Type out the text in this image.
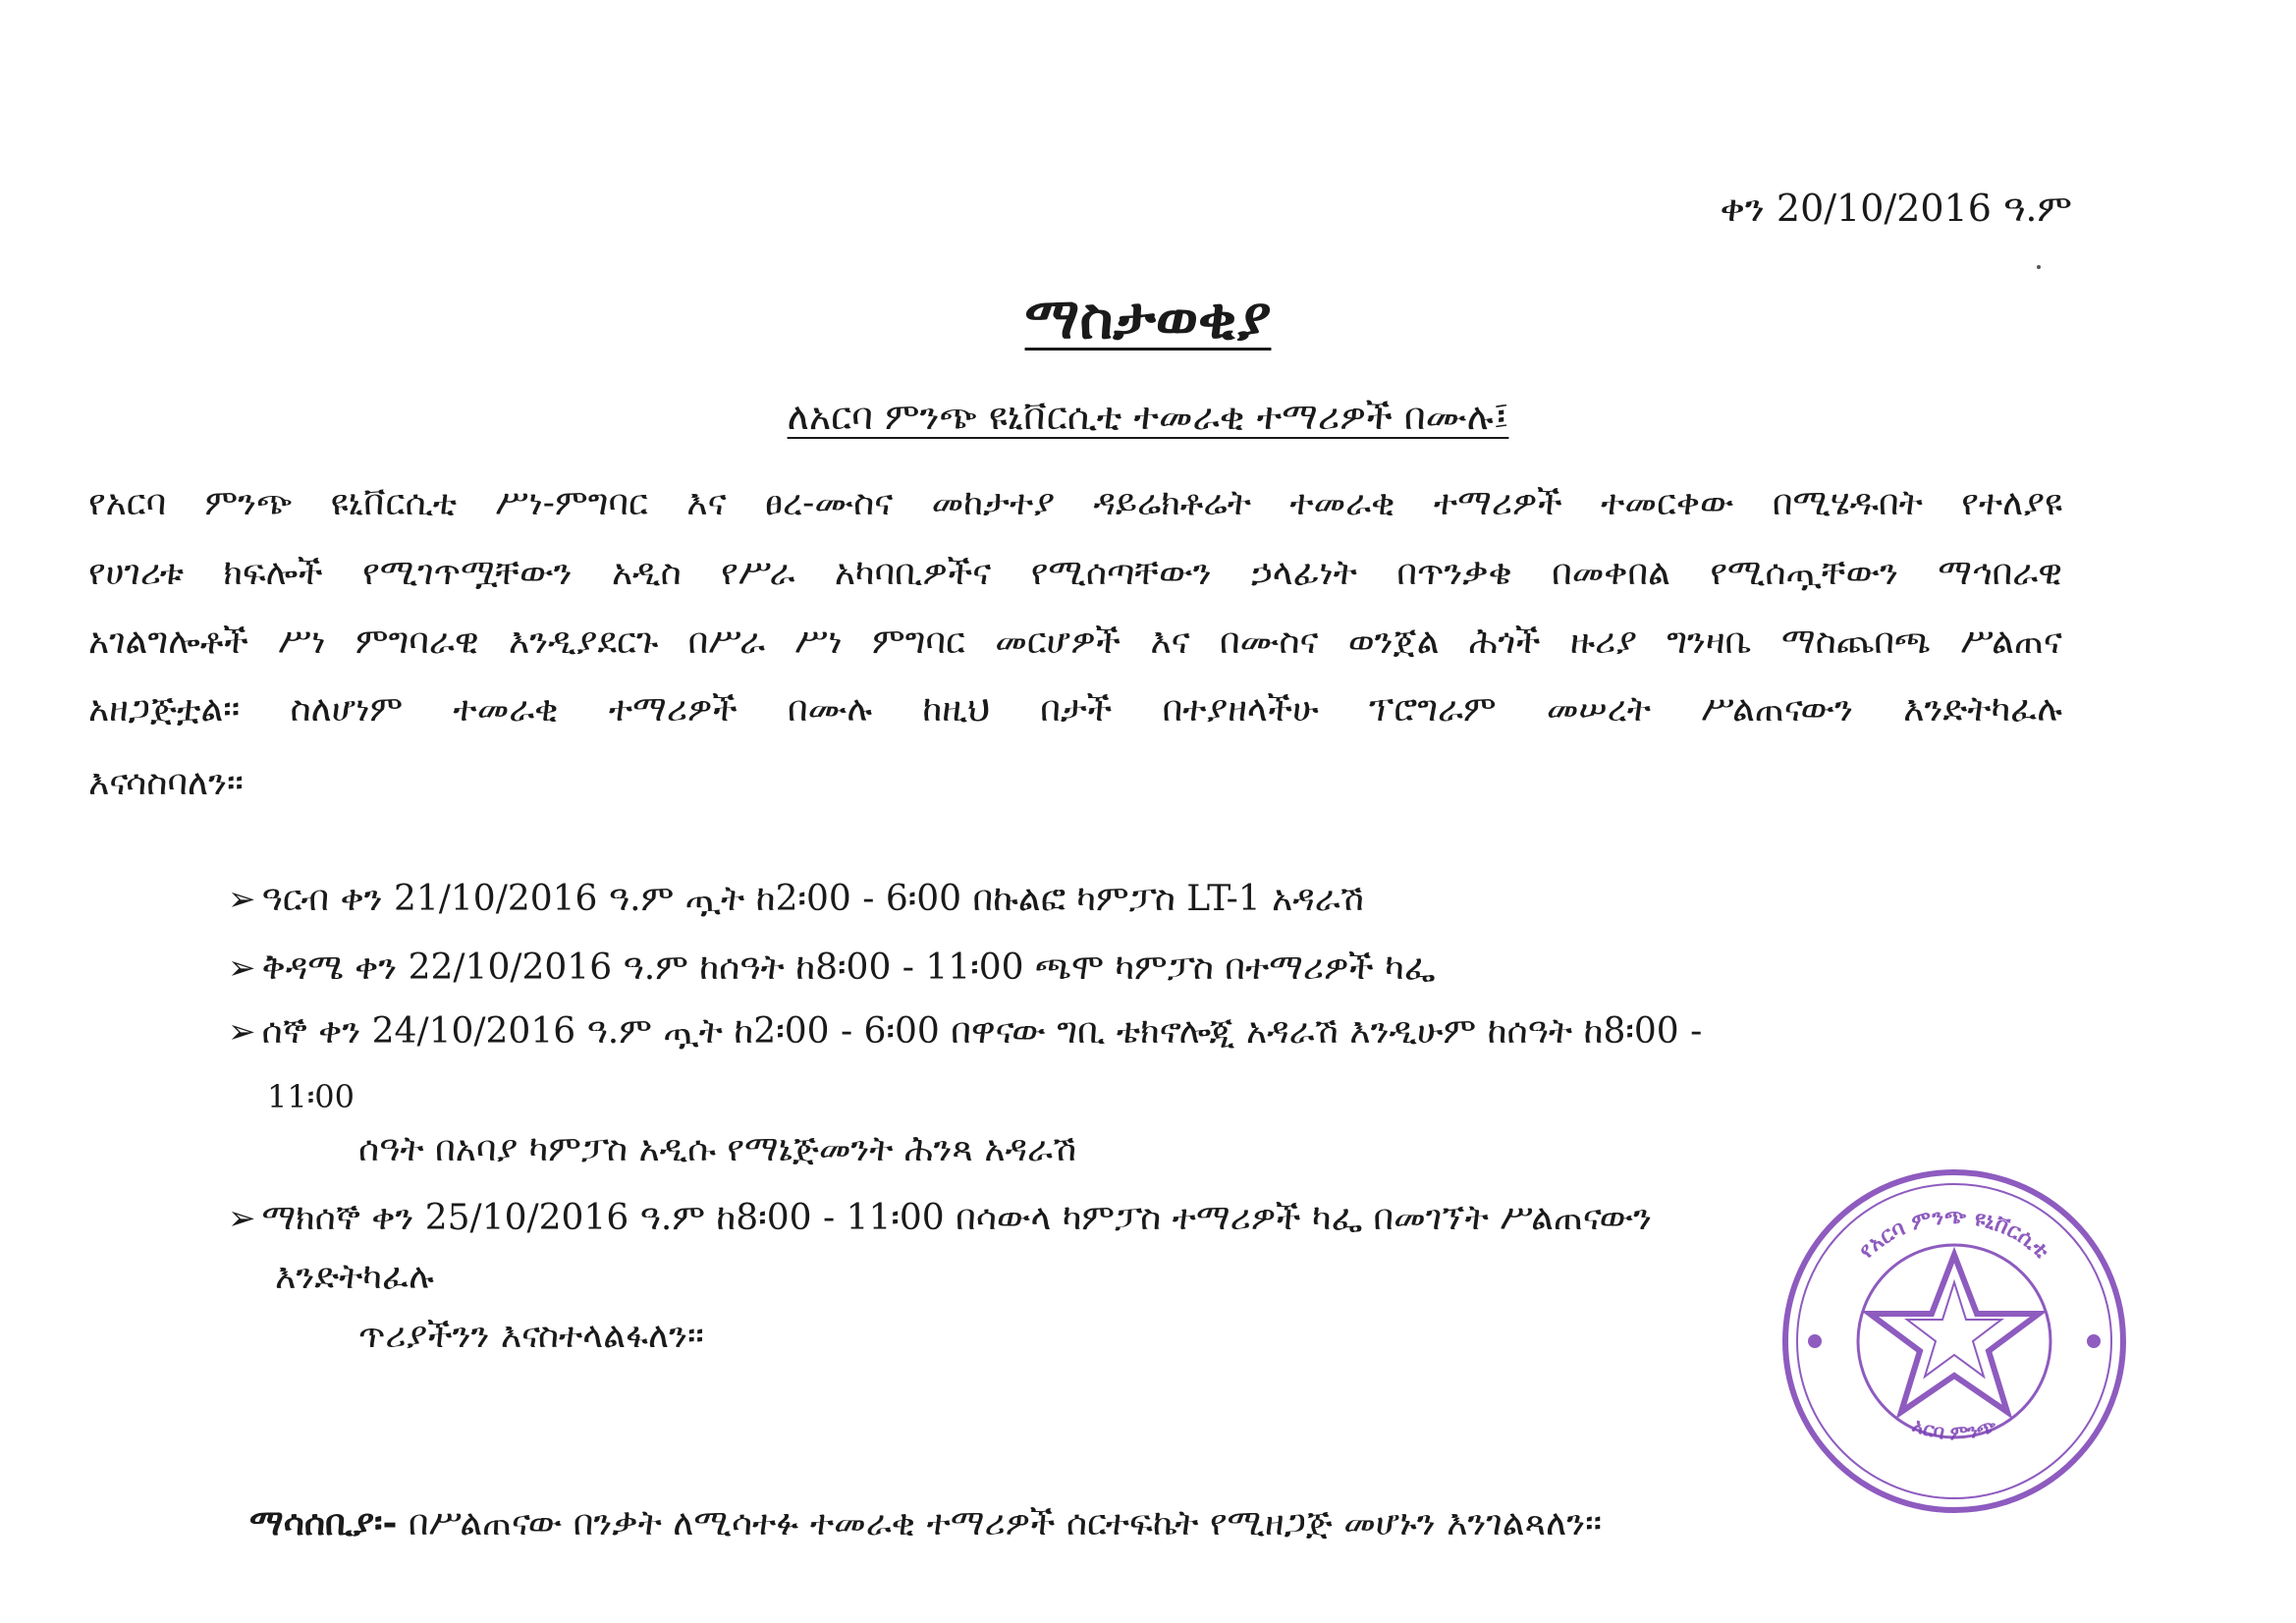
ቀን 20/10/2016 ዓ.ም
ማስታወቂያ
ለአርባ ምንጭ ዩኒቨርሲቲ ተመራቂ ተማሪዎች በሙሉ፤
የአርባ ምንጭ ዩኒቨርሲቲ ሥነ-ምግባር እና ፀረ-ሙስና መከታተያ ዳይሬክቶሬት ተመራቂ ተማሪዎች ተመርቀው በሚሄዱበት የተለያዩ
የሀገሪቱ ክፍሎች የሚገጥሟቸውን አዲስ የሥራ አካባቢዎችና የሚሰጣቸውን ኃላፊነት በጥንቃቄ በመቀበል የሚሰጧቸውን ማኅበራዊ
አገልግሎቶች ሥነ ምግባራዊ እንዲያደርጉ በሥራ ሥነ ምግባር መርሆዎች እና በሙስና ወንጀል ሕጎች ዙሪያ ግንዛቤ ማስጨበጫ ሥልጠና
አዘጋጅቷል፡፡ ስለሆነም ተመራቂ ተማሪዎች በሙሉ ከዚህ በታች በተያዘላችሁ ፕሮግራም መሠረት ሥልጠናውን እንድትካፈሉ
እናሳስባለን፡፡
➢ ዓርብ ቀን 21/10/2016 ዓ.ም ጧት ከ2፡00 - 6፡00 በኩልፎ ካምፓስ LT-1 አዳራሽ
➢ ቅዳሜ ቀን 22/10/2016 ዓ.ም ከሰዓት ከ8፡00 - 11፡00 ጫሞ ካምፓስ በተማሪዎች ካፌ
➢ ሰኞ ቀን 24/10/2016 ዓ.ም ጧት ከ2፡00 - 6፡00 በዋናው ግቢ ቴክኖሎጂ አዳራሽ እንዲሁም ከሰዓት ከ8፡00 -
11፡00
ሰዓት በአባያ ካምፓስ አዲሱ የማኔጅመንት ሕንጻ አዳራሽ
➢ ማክሰኞ ቀን 25/10/2016 ዓ.ም ከ8፡00 - 11፡00 በሳውላ ካምፓስ ተማሪዎች ካፌ በመገኘት ሥልጠናውን
እንድትካፈሉ
ጥሪያችንን እናስተላልፋለን፡፡
ማሳሰቢያ፡- በሥልጠናው በንቃት ለሚሳተፉ ተመራቂ ተማሪዎች ሰርተፍኬት የሚዘጋጅ መሆኑን እንገልጻለን፡፡
የአርባ ምንጭ ዩኒቨርሲቲ
አርባ ምንጭ
